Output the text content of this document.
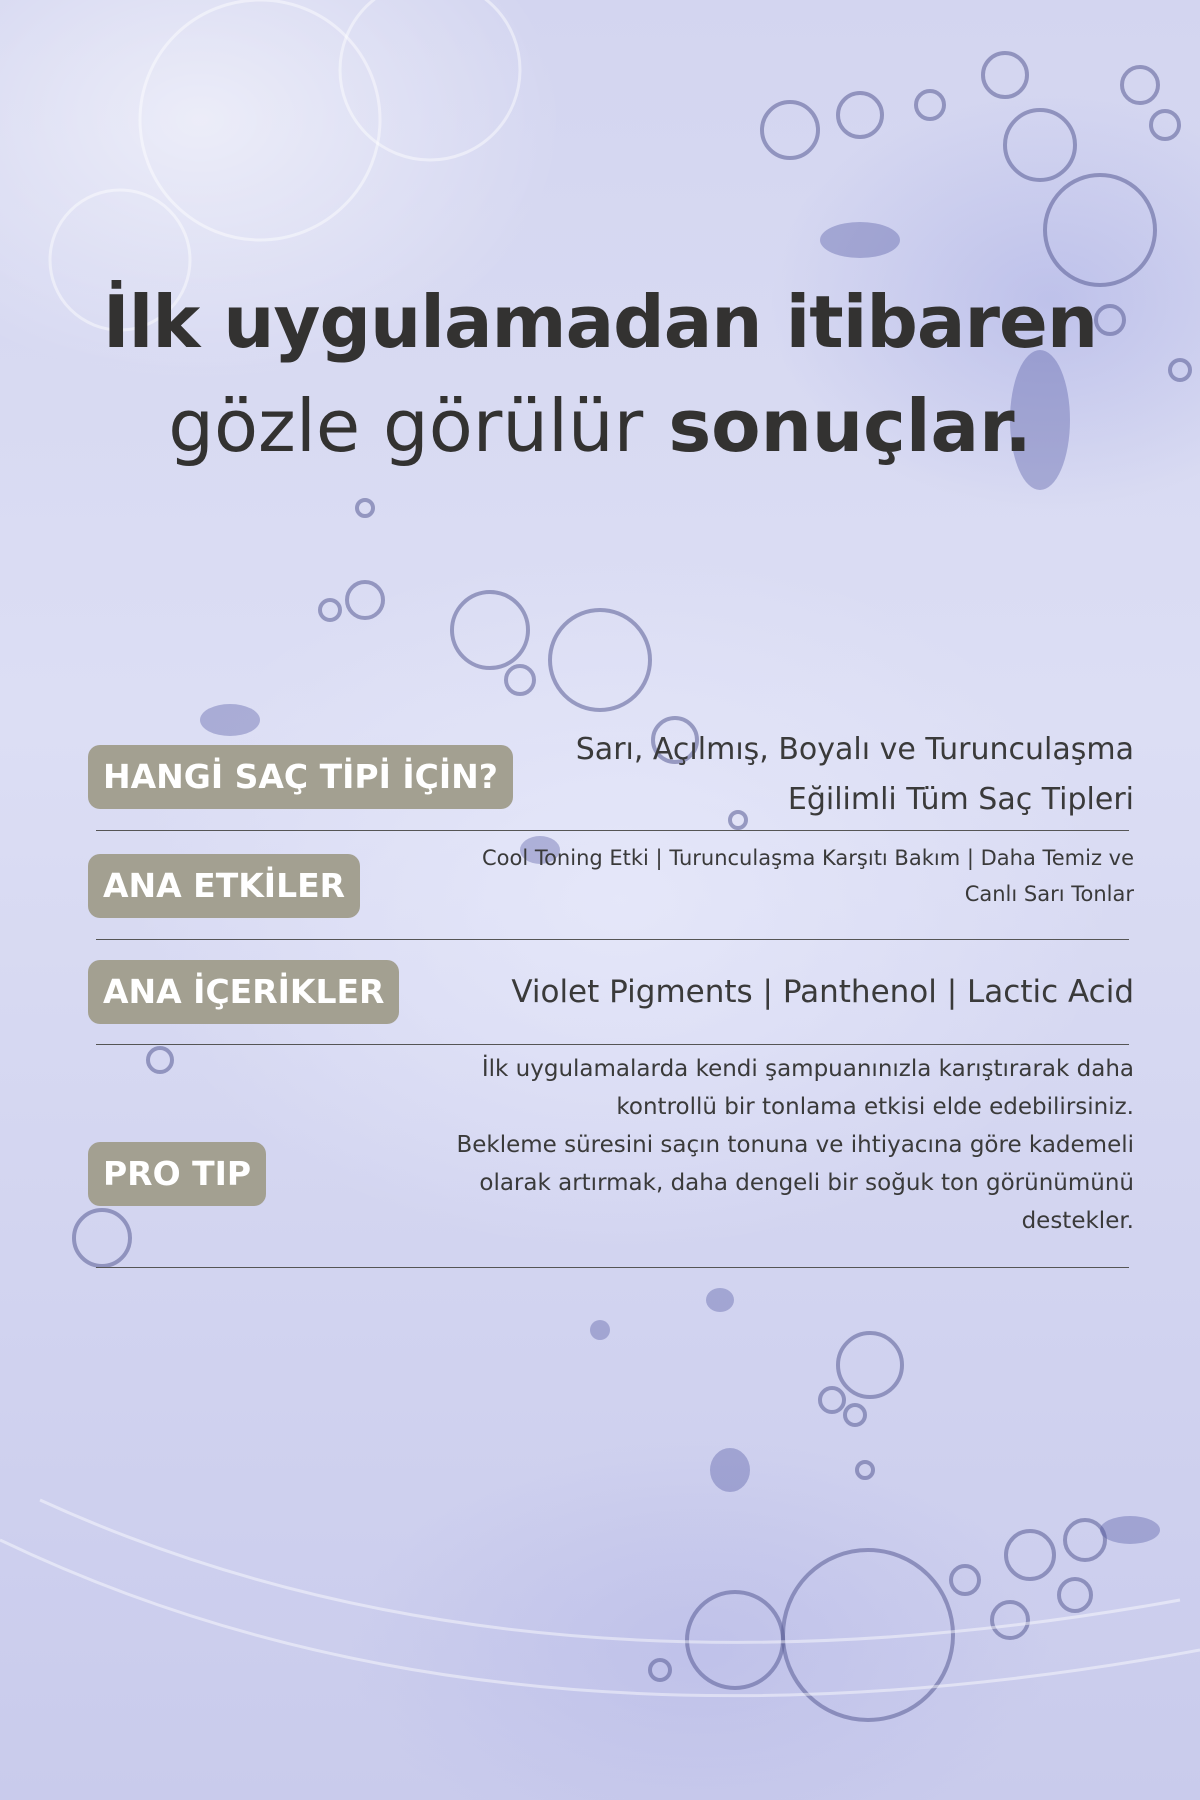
İlk uygulamadan itibaren
gözle görülür sonuçlar.
HANGİ SAÇ TİPİ İÇİN?
Sarı, Açılmış, Boyalı ve Turunculaşma
Eğilimli Tüm Saç Tipleri
ANA ETKİLER
Cool Toning Etki | Turunculaşma Karşıtı Bakım | Daha Temiz ve
Canlı Sarı Tonlar
ANA İÇERİKLER	Violet Pigments | Panthenol | Lactic Acid
PRO TIP
İlk uygulamalarda kendi şampuanınızla karıştırarak daha
kontrollü bir tonlama etkisi elde edebilirsiniz.
Bekleme süresini saçın tonuna ve ihtiyacına göre kademeli
olarak artırmak, daha dengeli bir soğuk ton görünümünü
destekler.
